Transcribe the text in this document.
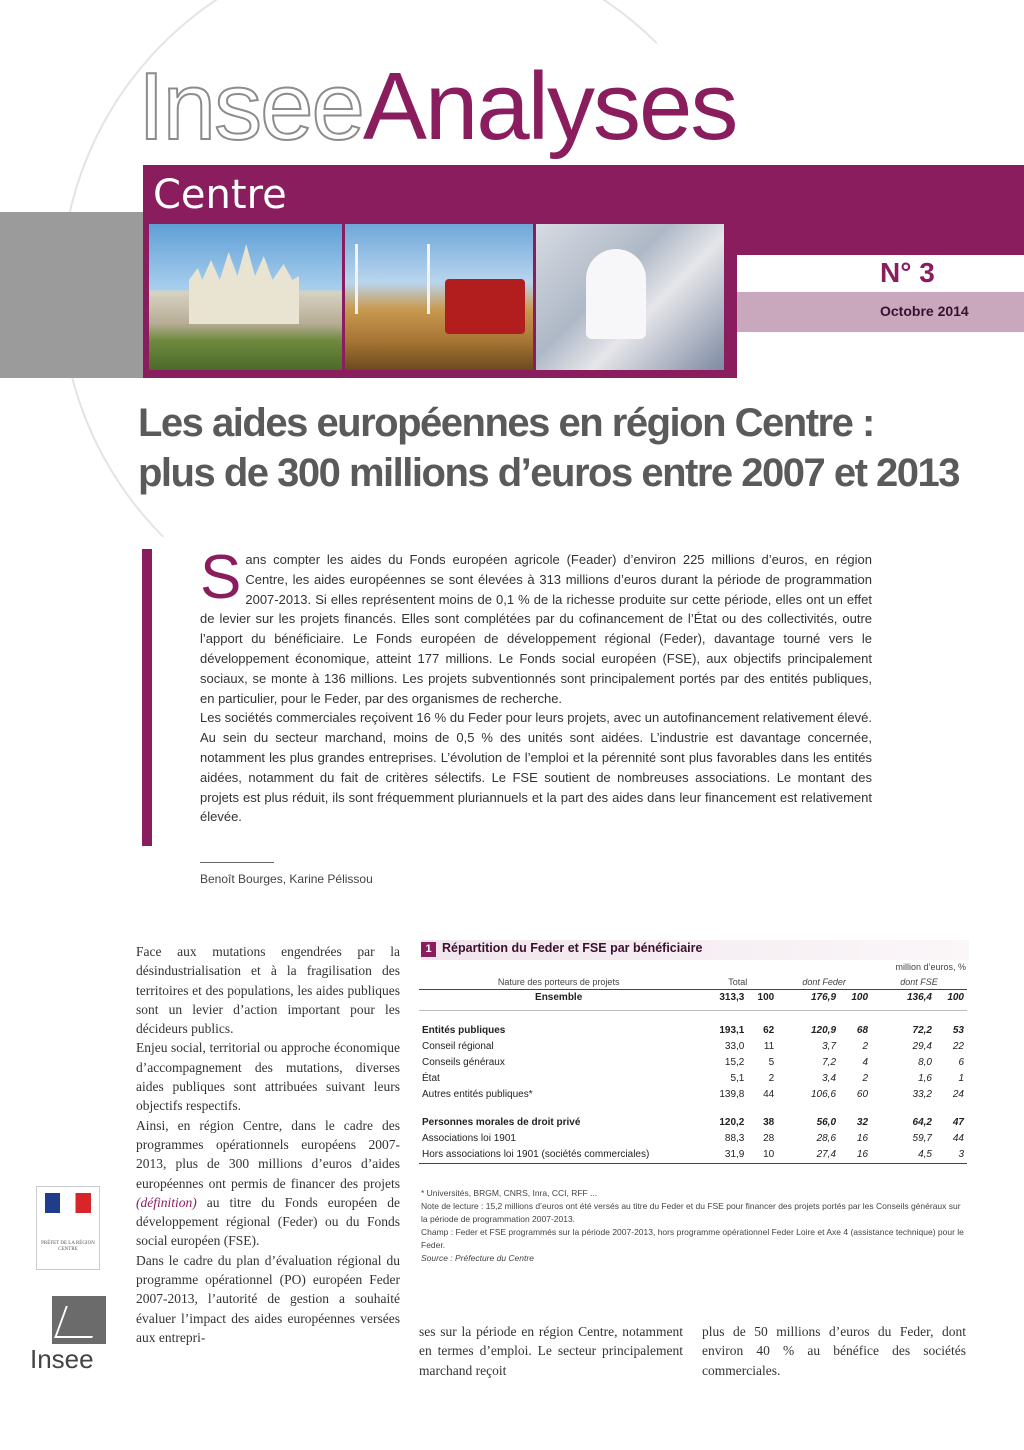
InseeAnalyses
Centre
N° 3
Octobre 2014
Les aides européennes en région Centre :
plus de 300 millions d’euros entre 2007 et 2013
S ans compter les aides du Fonds européen agricole (Feader) d’environ 225 millions d’euros, en région Centre, les aides européennes se sont élevées à 313 millions d’euros durant la période de programmation 2007-2013. Si elles représentent moins de 0,1 % de la richesse produite sur cette période, elles ont un effet de levier sur les projets financés. Elles sont complétées par du cofinancement de l’État ou des collectivités, outre l’apport du bénéficiaire. Le Fonds européen de développement régional (Feder), davantage tourné vers le développement économique, atteint 177 millions. Le Fonds social européen (FSE), aux objectifs principalement sociaux, se monte à 136 millions. Les projets subventionnés sont principalement portés par des entités publiques, en particulier, pour le Feder, par des organismes de recherche.
Les sociétés commerciales reçoivent 16 % du Feder pour leurs projets, avec un autofinancement relativement élevé. Au sein du secteur marchand, moins de 0,5 % des unités sont aidées. L’industrie est davantage concernée, notamment les plus grandes entreprises. L’évolution de l’emploi et la pérennité sont plus favorables dans les entités aidées, notamment du fait de critères sélectifs. Le FSE soutient de nombreuses associations. Le montant des projets est plus réduit, ils sont fréquemment pluriannuels et la part des aides dans leur financement est relativement élevée.
Benoît Bourges, Karine Pélissou

Face aux mutations engendrées par la désindustrialisation et à la fragilisation des territoires et des populations, les aides publiques sont un levier d’action important pour les décideurs publics.

Enjeu social, territorial ou approche économique d’accompagnement des mutations, diverses aides publiques sont attribuées suivant leurs objectifs respectifs.

Ainsi, en région Centre, dans le cadre des programmes opérationnels européens 2007-2013, plus de 300 millions d’euros d’aides européennes ont permis de financer des projets (définition) au titre du Fonds européen de développement régional (Feder) ou du Fonds social européen (FSE).

Dans le cadre du plan d’évaluation régional du programme opérationnel (PO) européen Feder 2007-2013, l’autorité de gestion a souhaité évaluer l’impact des aides européennes versées aux entrepri-	ses sur la période en région Centre, notamment en termes d’emploi. Le secteur principalement marchand reçoit
plus de 50 millions d’euros du Feder, dont environ 40 % au bénéfice des sociétés commerciales.
1 Répartition du Feder et FSE par bénéficiaire
million d’euros, %
Nature des porteurs de projets	Total		dont Feder		dont FSE	
Ensemble	313,3	100	176,9	100	136,4	100

Entités publiques	193,1	62	120,9	68	72,2	53
Conseil régional	33,0	11	3,7	2	29,4	22
Conseils généraux	15,2	5	7,2	4	8,0	6
État	5,1	2	3,4	2	1,6	1
Autres entités publiques*	139,8	44	106,6	60	33,2	24

Personnes morales de droit privé	120,2	38	56,0	32	64,2	47
Associations loi 1901	88,3	28	28,6	16	59,7	44
Hors associations loi 1901 (sociétés commerciales)	31,9	10	27,4	16	4,5	3
* Universités, BRGM, CNRS, Inra, CCI, RFF ...
Note de lecture : 15,2 millions d’euros ont été versés au titre du Feder et du FSE pour financer des projets portés par les Conseils généraux sur la période de programmation 2007-2013.
Champ : Feder et FSE programmés sur la période 2007-2013, hors programme opérationnel Feder Loire et Axe 4 (assistance technique) pour le Feder.
Source : Préfecture du Centre
PRÉFET DE LA RÉGION CENTRE
Insee
